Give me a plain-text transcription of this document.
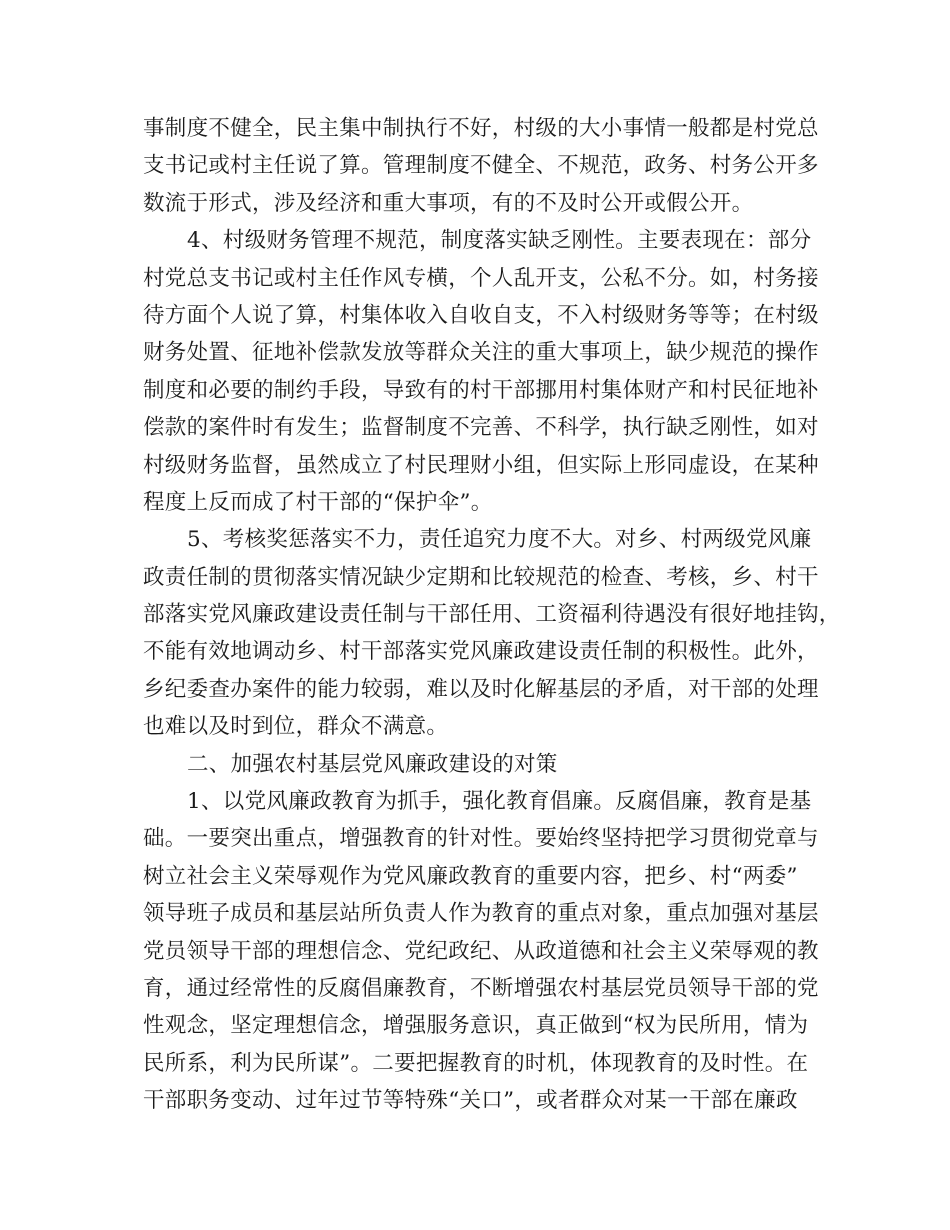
事制度不健全，民主集中制执行不好，村级的大小事情一般都是村党总
支书记或村主任说了算。管理制度不健全、不规范，政务、村务公开多
数流于形式，涉及经济和重大事项，有的不及时公开或假公开。
4、村级财务管理不规范，制度落实缺乏刚性。主要表现在：部分
村党总支书记或村主任作风专横，个人乱开支，公私不分。如，村务接
待方面个人说了算，村集体收入自收自支，不入村级财务等等；在村级
财务处置、征地补偿款发放等群众关注的重大事项上，缺少规范的操作
制度和必要的制约手段，导致有的村干部挪用村集体财产和村民征地补
偿款的案件时有发生；监督制度不完善、不科学，执行缺乏刚性，如对
村级财务监督，虽然成立了村民理财小组，但实际上形同虚设，在某种
程度上反而成了村干部的“保护伞”。
5、考核奖惩落实不力，责任追究力度不大。对乡、村两级党风廉
政责任制的贯彻落实情况缺少定期和比较规范的检查、考核，乡、村干
部落实党风廉政建设责任制与干部任用、工资福利待遇没有很好地挂钩，
不能有效地调动乡、村干部落实党风廉政建设责任制的积极性。此外，
乡纪委查办案件的能力较弱，难以及时化解基层的矛盾，对干部的处理
也难以及时到位，群众不满意。
二、加强农村基层党风廉政建设的对策
1、以党风廉政教育为抓手，强化教育倡廉。反腐倡廉，教育是基
础。一要突出重点，增强教育的针对性。要始终坚持把学习贯彻党章与
树立社会主义荣辱观作为党风廉政教育的重要内容，把乡、村“两委”
领导班子成员和基层站所负责人作为教育的重点对象，重点加强对基层
党员领导干部的理想信念、党纪政纪、从政道德和社会主义荣辱观的教
育，通过经常性的反腐倡廉教育，不断增强农村基层党员领导干部的党
性观念，坚定理想信念，增强服务意识，真正做到“权为民所用，情为
民所系，利为民所谋”。二要把握教育的时机，体现教育的及时性。在
干部职务变动、过年过节等特殊“关口”，或者群众对某一干部在廉政
